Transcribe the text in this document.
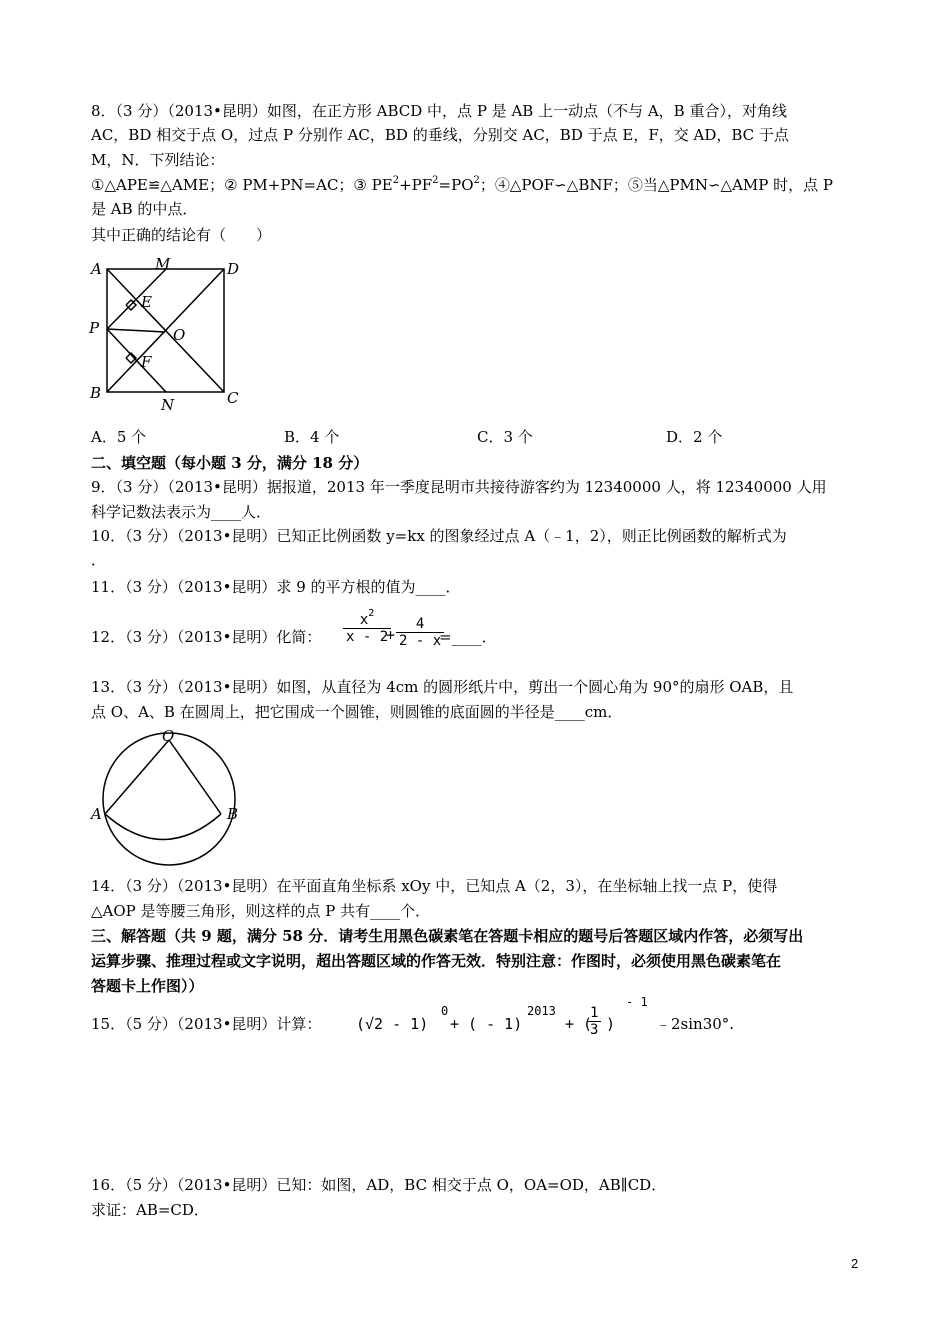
8．（3 分）（2013•昆明）如图，在正方形 ABCD 中，点 P 是 AB 上一动点（不与 A，B 重合），对角线
AC，BD 相交于点 O，过点 P 分别作 AC，BD 的垂线，分别交 AC，BD 于点 E，F，交 AD，BC 于点
M，N．下列结论：
①△APE≌△AME；② PM+PN=AC；③ $PE^2+PF^2=PO^2$；④△POF∽△BNF；⑤当△PMN∽△AMP 时，点 P
是 AB 的中点．
其中正确的结论有（　　）
A	M	D
E
P	O
F
B
N	C
A．5 个	B．4 个	C．3 个	D．2 个
二、填空题（每小题 3 分，满分 18 分）
9．（3 分）（2013•昆明）据报道，2013 年一季度昆明市共接待游客约为 12340000 人，将 12340000 人用
科学记数法表示为____人．
10．（3 分）（2013•昆明）已知正比例函数 y=kx 的图象经过点 A（﹣1，2），则正比例函数的解析式为
．
11．（3 分）（2013•昆明）求 9 的平方根的值为____．
12．（3 分）（2013•昆明）化简： $\frac{x^2}{x - 2}$
+ $\frac{4}{2 - x}$
=____．
13．（3 分）（2013•昆明）如图，从直径为 4cm 的圆形纸片中，剪出一个圆心角为 90°的扇形 OAB，且
点 O、A、B 在圆周上，把它围成一个圆锥，则圆锥的底面圆的半径是____cm．
O
A	B
14．（3 分）（2013•昆明）在平面直角坐标系 xOy 中，已知点 A（2，3），在坐标轴上找一点 P，使得
△AOP 是等腰三角形，则这样的点 P 共有____个．
三、解答题（共 9 题，满分 58 分．请考生用黑色碳素笔在答题卡相应的题号后答题区域内作答，必须写出
运算步骤、推理过程或文字说明，超出答题区域的作答无效．特别注意：作图时，必须使用黑色碳素笔在
答题卡上作图））
15．（5 分）（2013•昆明）计算： (√2 - 1)
0
+ ( - 1)
2013
+ (
$\frac{1}{3}$ )
- 1
﹣2sin30°.
16．（5 分）（2013•昆明）已知：如图，AD，BC 相交于点 O，OA=OD，AB∥CD．
求证：AB=CD．
2
